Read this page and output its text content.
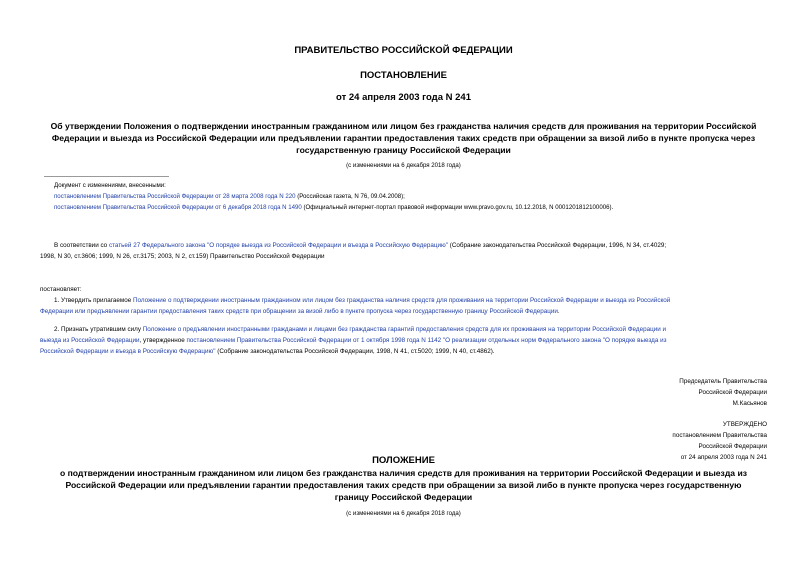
ПРАВИТЕЛЬСТВО РОССИЙСКОЙ ФЕДЕРАЦИИ
ПОСТАНОВЛЕНИЕ
от 24 апреля 2003 года N 241
Об утверждении Положения о подтверждении иностранным гражданином или лицом без гражданства наличия средств для проживания на территории Российской
Федерации и выезда из Российской Федерации или предъявлении гарантии предоставления таких средств при обращении за визой либо в пункте пропуска через
государственную границу Российской Федерации
(с изменениями на 6 декабря 2018 года)
Документ с изменениями, внесенными:
постановлением Правительства Российской Федерации от 28 марта 2008 года N 220 (Российская газета, N 76, 09.04.2008);
постановлением Правительства Российской Федерации от 6 декабря 2018 года N 1490 (Официальный интернет-портал правовой информации www.pravo.gov.ru, 10.12.2018, N 0001201812100006).
В соответствии со статьей 27 Федерального закона "О порядке выезда из Российской Федерации и въезда в Российскую Федерацию" (Собрание законодательства Российской Федерации, 1996, N 34, ст.4029;
1998, N 30, ст.3606; 1999, N 26, ст.3175; 2003, N 2, ст.159) Правительство Российской Федерации
постановляет:
1. Утвердить прилагаемое Положение о подтверждении иностранным гражданином или лицом без гражданства наличия средств для проживания на территории Российской Федерации и выезда из Российской
Федерации или предъявлении гарантии предоставления таких средств при обращении за визой либо в пункте пропуска через государственную границу Российской Федерации.
2. Признать утратившим силу Положение о предъявлении иностранными гражданами и лицами без гражданства гарантий предоставления средств для их проживания на территории Российской Федерации и
выезда из Российской Федерации, утвержденное постановлением Правительства Российской Федерации от 1 октября 1998 года N 1142 "О реализации отдельных норм Федерального закона "О порядке выезда из
Российской Федерации и въезда в Российскую Федерацию" (Собрание законодательства Российской Федерации, 1998, N 41, ст.5020; 1999, N 40, ст.4862).
Председатель Правительства
Российской Федерации
М.Касьянов
УТВЕРЖДЕНО
постановлением Правительства
Российской Федерации
от 24 апреля 2003 года N 241
ПОЛОЖЕНИЕ
о подтверждении иностранным гражданином или лицом без гражданства наличия средств для проживания на территории Российской Федерации и выезда из
Российской Федерации или предъявлении гарантии предоставления таких средств при обращении за визой либо в пункте пропуска через государственную
границу Российской Федерации
(с изменениями на 6 декабря 2018 года)
